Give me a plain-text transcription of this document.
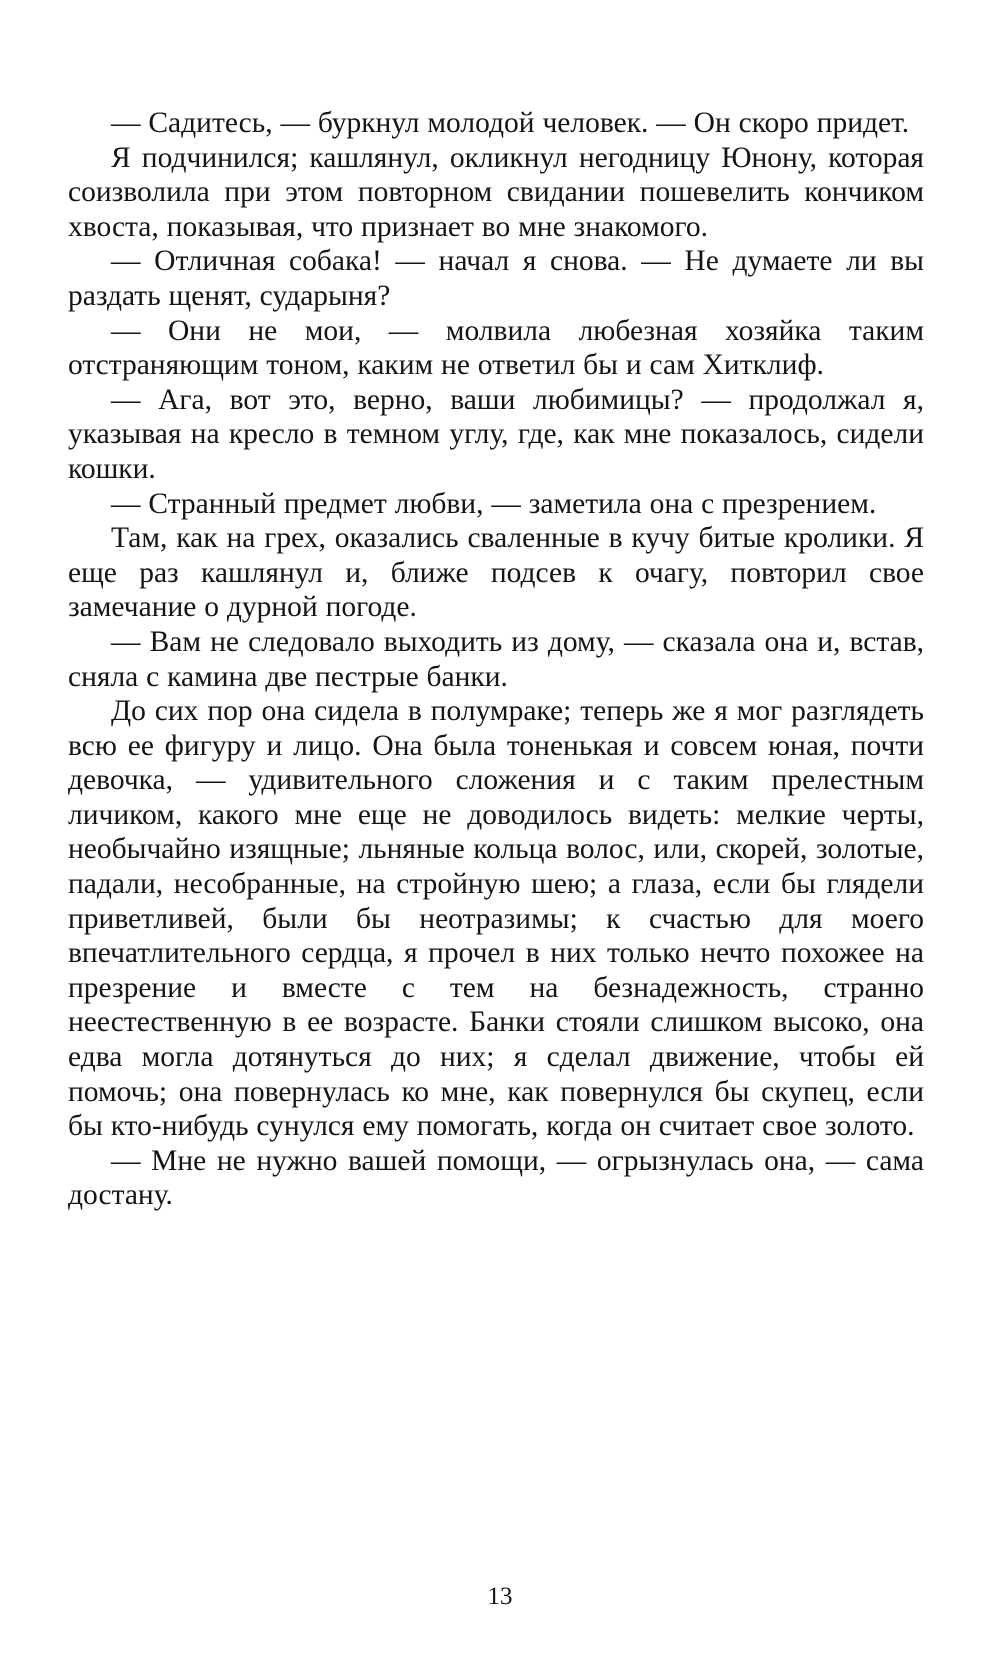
— Садитесь, — буркнул молодой человек. — Он скоро придет.

Я подчинился; кашлянул, окликнул негодницу Юнону, которая соизволила при этом повторном свидании пошевелить кончиком хвоста, показывая, что признает во мне знакомого.

— Отличная собака! — начал я снова. — Не думаете ли вы раздать щенят, сударыня?

— Они не мои, — молвила любезная хозяйка таким отстраняющим тоном, каким не ответил бы и сам Хитклиф.

— Ага, вот это, верно, ваши любимицы? — продолжал я, указывая на кресло в темном углу, где, как мне показалось, сидели кошки.

— Странный предмет любви, — заметила она с презрением.

Там, как на грех, оказались сваленные в кучу битые кролики. Я еще раз кашлянул и, ближе подсев к очагу, повторил свое замечание о дурной погоде.

— Вам не следовало выходить из дому, — сказала она и, встав, сняла с камина две пестрые банки.

До сих пор она сидела в полумраке; теперь же я мог разглядеть всю ее фигуру и лицо. Она была тоненькая и совсем юная, почти девочка, — удивительного сложения и с таким прелестным личиком, какого мне еще не доводилось видеть: мелкие черты, необычайно изящные; льняные кольца волос, или, скорей, золотые, падали, несобранные, на стройную шею; а глаза, если бы глядели приветливей, были бы неотразимы; к счастью для моего впечатлительного сердца, я прочел в них только нечто похожее на презрение и вместе с тем на безнадежность, странно неестественную в ее возрасте. Банки стояли слишком высоко, она едва могла дотянуться до них; я сделал движение, чтобы ей помочь; она повернулась ко мне, как повернулся бы скупец, если бы кто-нибудь сунулся ему помогать, когда он считает свое золото.

— Мне не нужно вашей помощи, — огрызнулась она, — сама достану.

13
